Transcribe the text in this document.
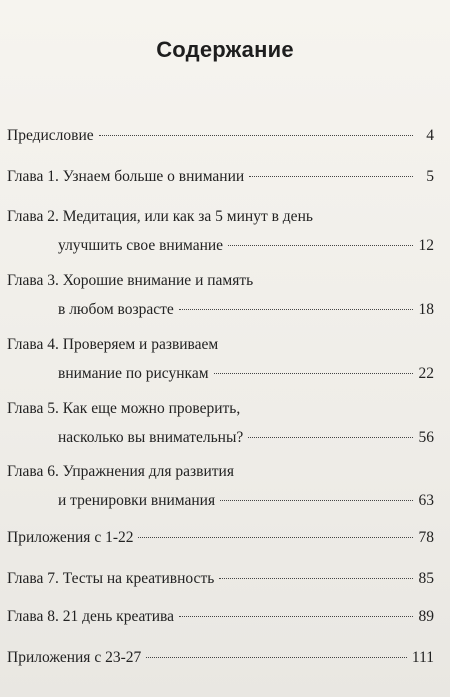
Содержание
Предисловие	4
Глава 1. Узнаем больше о внимании	5
Глава 2. Медитация, или как за 5 минут в день
улучшить свое внимание	12
Глава 3. Хорошие внимание и память
в любом возрасте	18
Глава 4. Проверяем и развиваем
внимание по рисункам	22
Глава 5. Как еще можно проверить,
насколько вы внимательны?	56
Глава 6. Упражнения для развития
и тренировки внимания	63
Приложения с 1-22	78
Глава 7. Тесты на креативность	85
Глава 8. 21 день креатива	89
Приложения с 23-27	111
